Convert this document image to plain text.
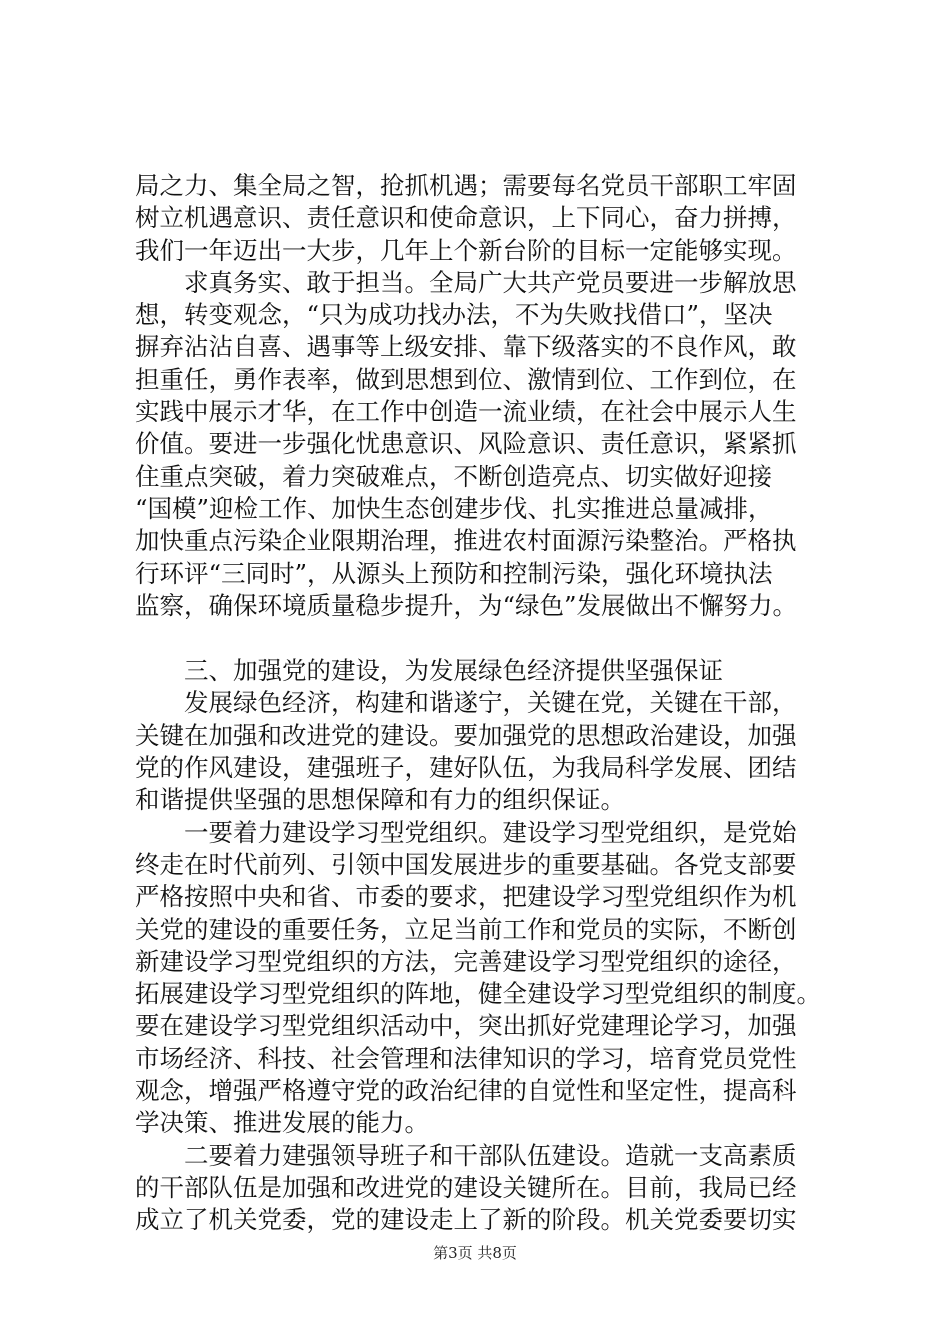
局之力、集全局之智，抢抓机遇；需要每名党员干部职工牢固
树立机遇意识、责任意识和使命意识，上下同心，奋力拼搏，
我们一年迈出一大步，几年上个新台阶的目标一定能够实现。
求真务实、敢于担当。全局广大共产党员要进一步解放思
想，转变观念，“只为成功找办法，不为失败找借口”，坚决
摒弃沾沾自喜、遇事等上级安排、靠下级落实的不良作风，敢
担重任，勇作表率，做到思想到位、激情到位、工作到位，在
实践中展示才华，在工作中创造一流业绩，在社会中展示人生
价值。要进一步强化忧患意识、风险意识、责任意识，紧紧抓
住重点突破，着力突破难点，不断创造亮点、切实做好迎接
“国模”迎检工作、加快生态创建步伐、扎实推进总量减排，
加快重点污染企业限期治理，推进农村面源污染整治。严格执
行环评“三同时”，从源头上预防和控制污染，强化环境执法
监察，确保环境质量稳步提升，为“绿色”发展做出不懈努力。
三、加强党的建设，为发展绿色经济提供坚强保证
发展绿色经济，构建和谐遂宁，关键在党，关键在干部，
关键在加强和改进党的建设。要加强党的思想政治建设，加强
党的作风建设，建强班子，建好队伍，为我局科学发展、团结
和谐提供坚强的思想保障和有力的组织保证。
一要着力建设学习型党组织。建设学习型党组织，是党始
终走在时代前列、引领中国发展进步的重要基础。各党支部要
严格按照中央和省、市委的要求，把建设学习型党组织作为机
关党的建设的重要任务，立足当前工作和党员的实际，不断创
新建设学习型党组织的方法，完善建设学习型党组织的途径，
拓展建设学习型党组织的阵地，健全建设学习型党组织的制度。
要在建设学习型党组织活动中，突出抓好党建理论学习，加强
市场经济、科技、社会管理和法律知识的学习，培育党员党性
观念，增强严格遵守党的政治纪律的自觉性和坚定性，提高科
学决策、推进发展的能力。
二要着力建强领导班子和干部队伍建设。造就一支高素质
的干部队伍是加强和改进党的建设关键所在。目前，我局已经
成立了机关党委，党的建设走上了新的阶段。机关党委要切实
第3页 共8页
